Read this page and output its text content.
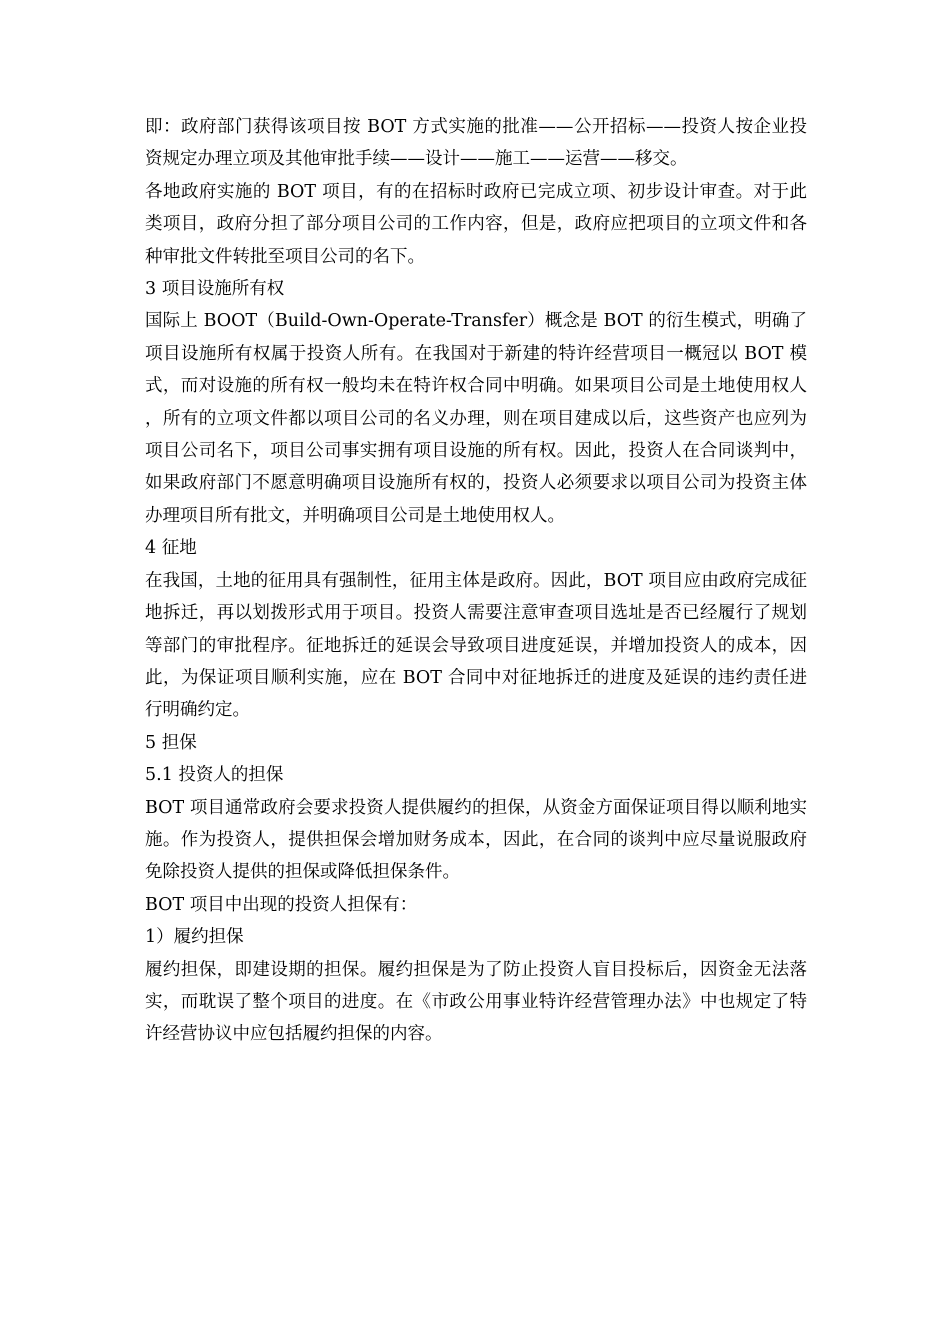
即：政府部门获得该项目按 BOT 方式实施的批准——公开招标——投资人按企业投资规定办理立项及其他审批手续——设计——施工——运营——移交。

各地政府实施的 BOT 项目，有的在招标时政府已完成立项、初步设计审查。对于此类项目，政府分担了部分项目公司的工作内容，但是，政府应把项目的立项文件和各种审批文件转批至项目公司的名下。

3 项目设施所有权

国际上 BOOT（Build-Own-Operate-Transfer）概念是 BOT 的衍生模式，明确了项目设施所有权属于投资人所有。在我国对于新建的特许经营项目一概冠以 BOT 模式，而对设施的所有权一般均未在特许权合同中明确。如果项目公司是土地使用权人，所有的立项文件都以项目公司的名义办理，则在项目建成以后，这些资产也应列为项目公司名下，项目公司事实拥有项目设施的所有权。因此，投资人在合同谈判中，如果政府部门不愿意明确项目设施所有权的，投资人必须要求以项目公司为投资主体办理项目所有批文，并明确项目公司是土地使用权人。

4 征地

在我国，土地的征用具有强制性，征用主体是政府。因此，BOT 项目应由政府完成征地拆迁，再以划拨形式用于项目。投资人需要注意审查项目选址是否已经履行了规划等部门的审批程序。征地拆迁的延误会导致项目进度延误，并增加投资人的成本，因此，为保证项目顺利实施，应在 BOT 合同中对征地拆迁的进度及延误的违约责任进行明确约定。

5 担保

5.1 投资人的担保

BOT 项目通常政府会要求投资人提供履约的担保，从资金方面保证项目得以顺利地实施。作为投资人，提供担保会增加财务成本，因此，在合同的谈判中应尽量说服政府免除投资人提供的担保或降低担保条件。

BOT 项目中出现的投资人担保有：

1）履约担保

履约担保，即建设期的担保。履约担保是为了防止投资人盲目投标后，因资金无法落实，而耽误了整个项目的进度。在《市政公用事业特许经营管理办法》中也规定了特许经营协议中应包括履约担保的内容。
